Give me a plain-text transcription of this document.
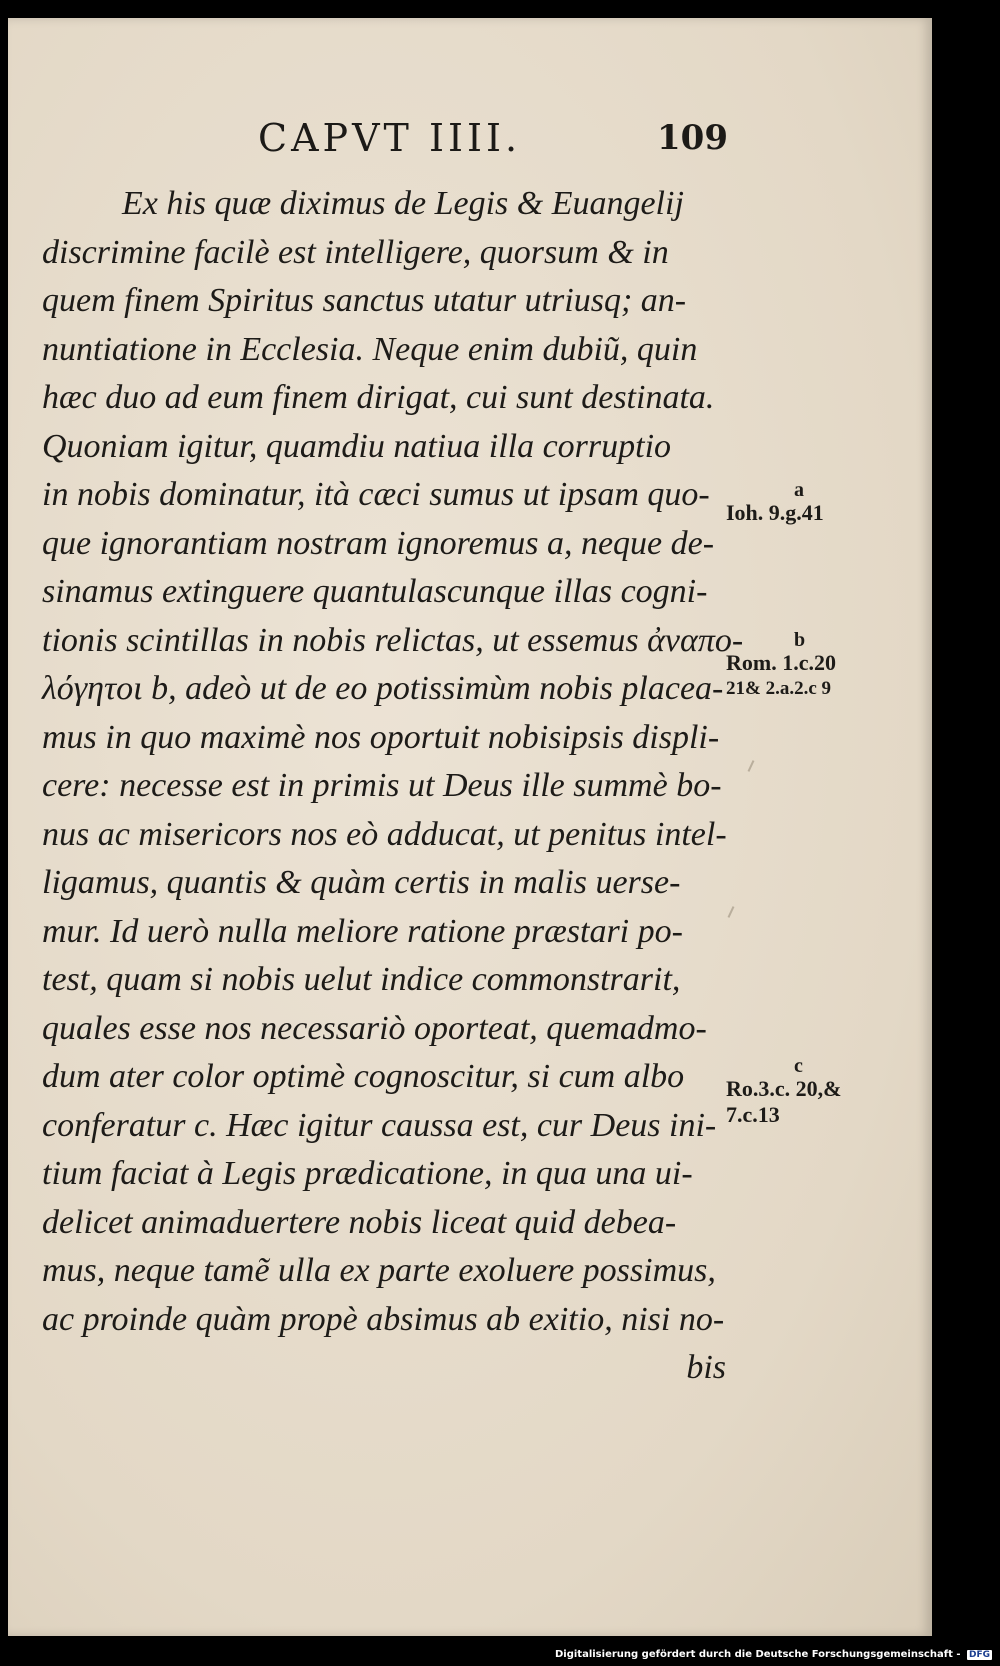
CAPVT IIII.	109
Ex his quæ diximus de Legis & Euangelij
discrimine facilè est intelligere, quorsum & in
quem finem Spiritus sanctus utatur utriusq; an-
nuntiatione in Ecclesia. Neque enim dubiũ, quin
hæc duo ad eum finem dirigat, cui sunt destinata.
Quoniam igitur, quamdiu natiua illa corruptio
in nobis dominatur, ità cæci sumus ut ipsam quo-
que ignorantiam nostram ignoremus a, neque de-
sinamus extinguere quantulascunque illas cogni-
tionis scintillas in nobis relictas, ut essemus ἀναπο-
λόγητοι b, adeò ut de eo potissimùm nobis placea-
mus in quo maximè nos oportuit nobisipsis displi-
cere: necesse est in primis ut Deus ille summè bo-
nus ac misericors nos eò adducat, ut penitus intel-
ligamus, quantis & quàm certis in malis uerse-
mur. Id uerò nulla meliore ratione præstari po-
test, quam si nobis uelut indice commonstrarit,
quales esse nos necessariò oporteat, quemadmo-
dum ater color optimè cognoscitur, si cum albo
conferatur c. Hæc igitur caussa est, cur Deus ini-
tium faciat à Legis prædicatione, in qua una ui-
delicet animaduertere nobis liceat quid debea-
mus, neque tamẽ ulla ex parte exoluere possimus,
ac proinde quàm propè absimus ab exitio, nisi no-
bis
a
Ioh. 9.g.41
b
Rom. 1.c.20
21& 2.a.2.c 9
c
Ro.3.c. 20,&
7.c.13
Digitalisierung gefördert durch die Deutsche Forschungsgemeinschaft - DFG
